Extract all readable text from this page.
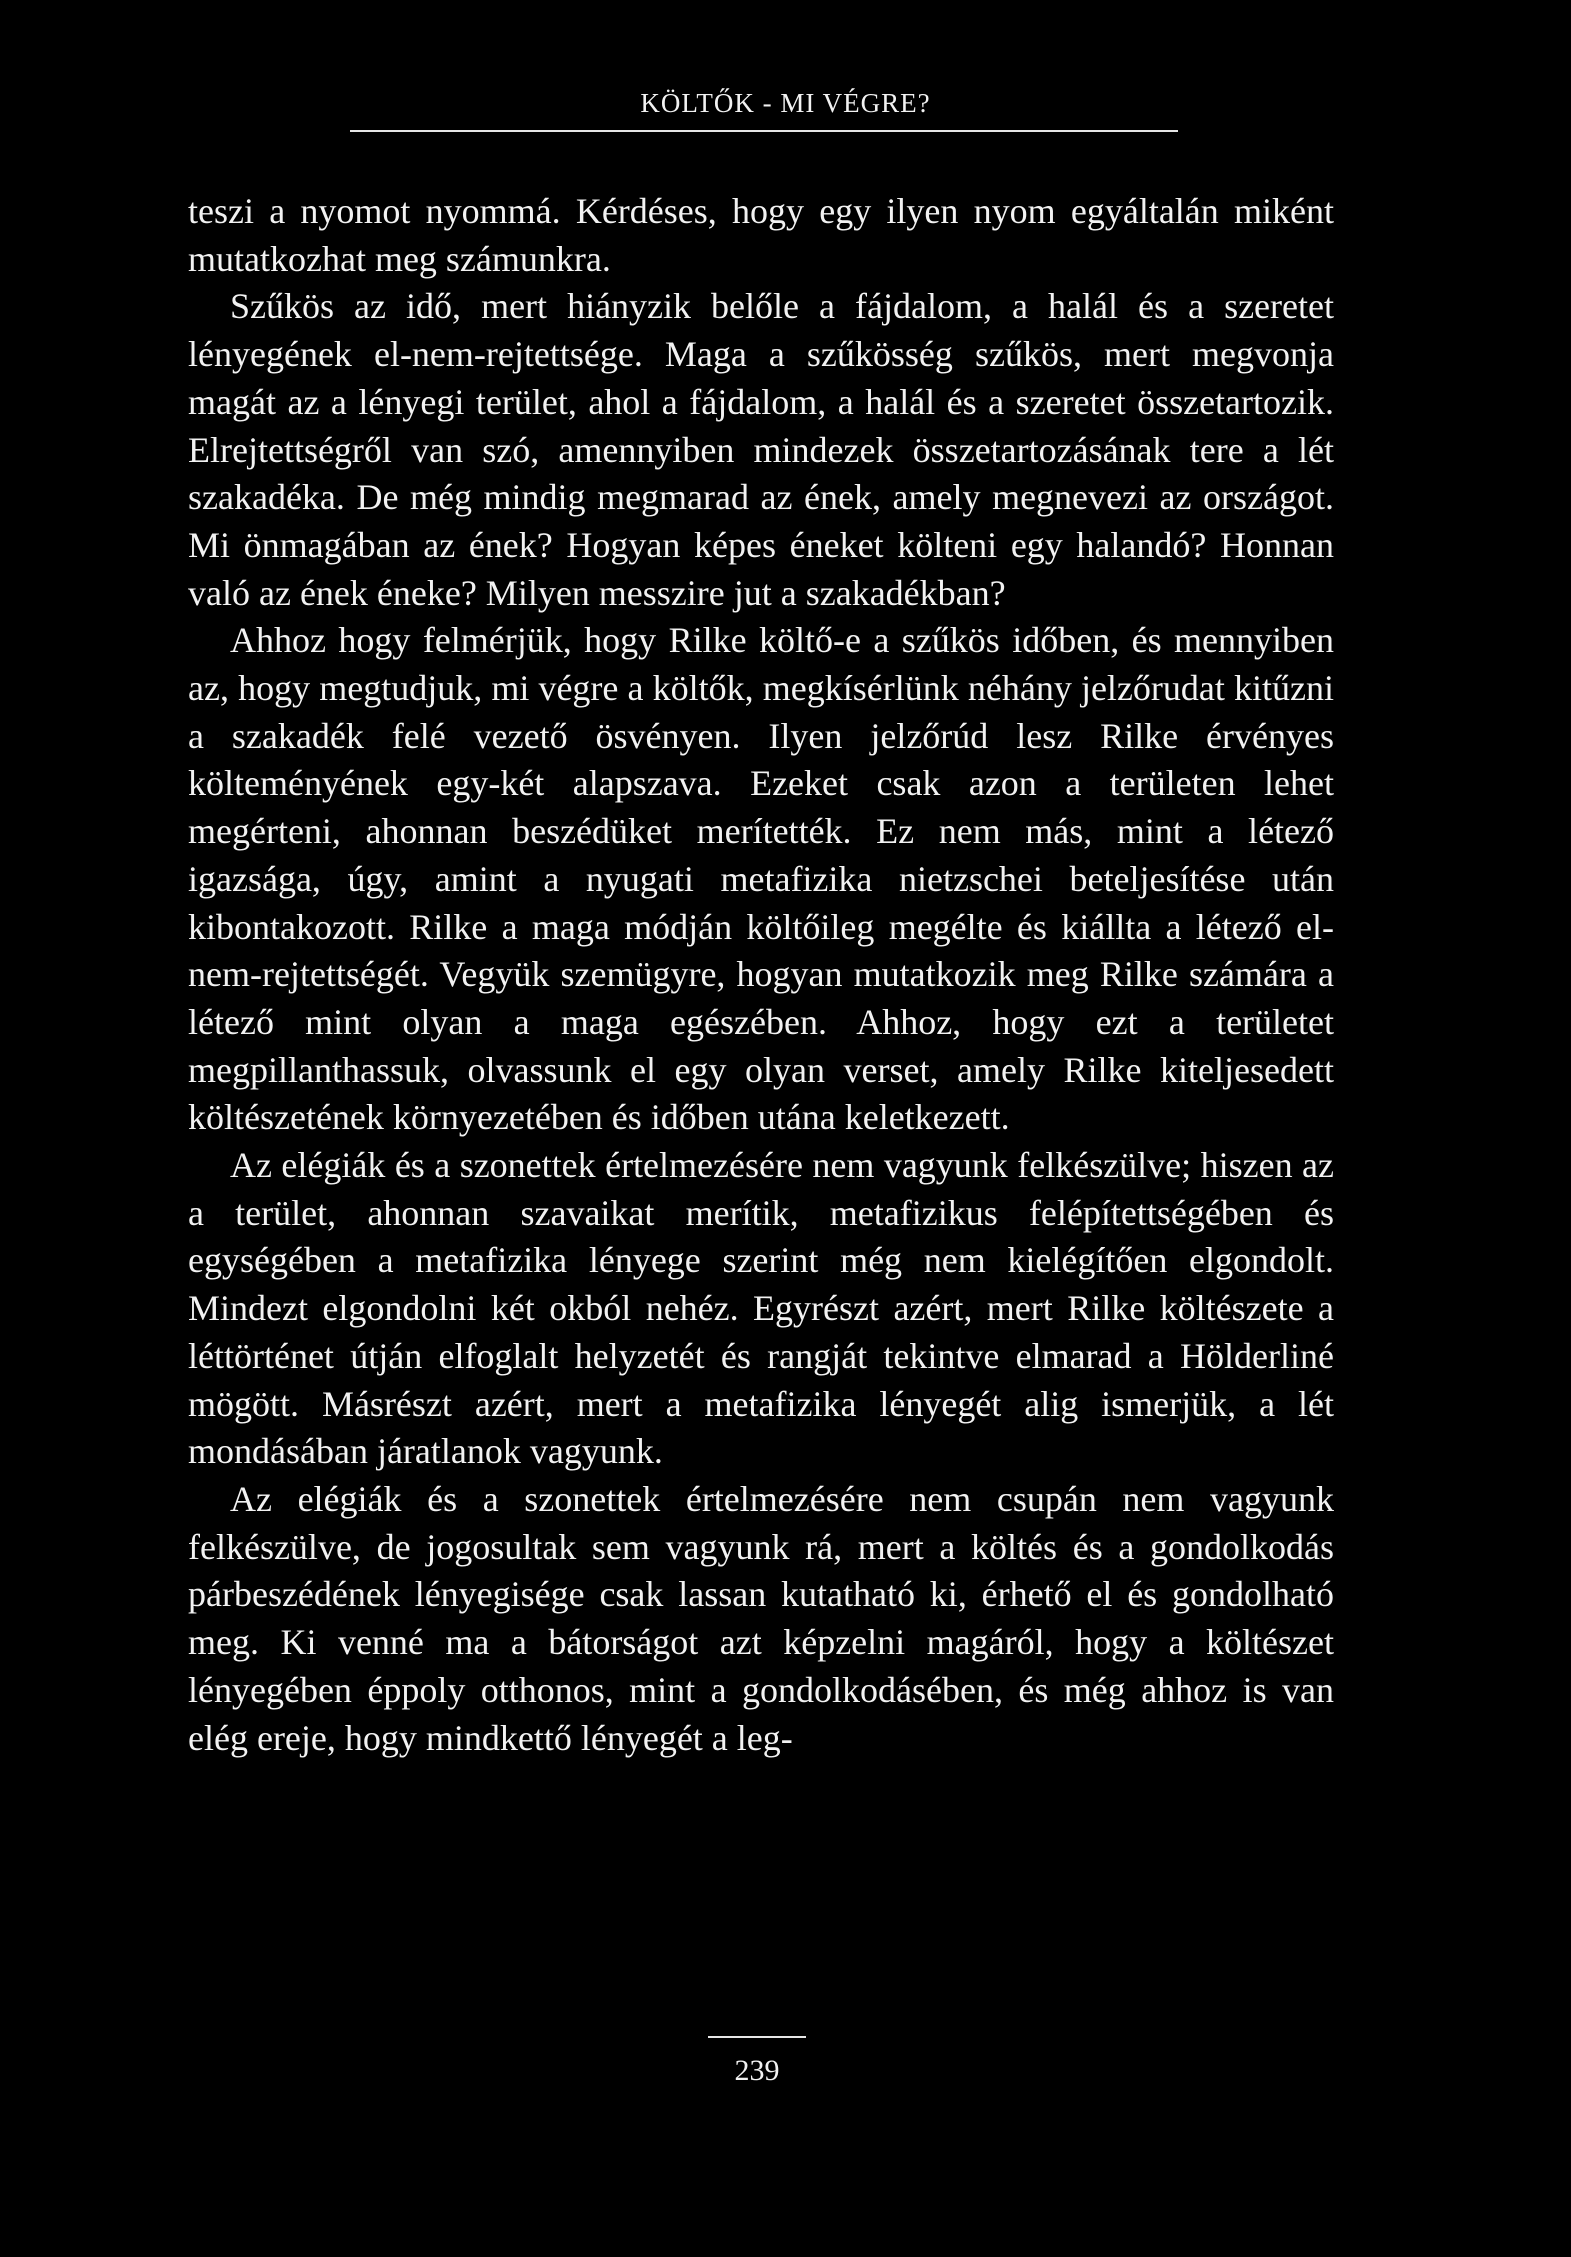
KÖLTŐK - MI VÉGRE?

teszi a nyomot nyommá. Kérdéses, hogy egy ilyen nyom egyáltalán miként mutatkozhat meg számunkra.

Szűkös az idő, mert hiányzik belőle a fájdalom, a halál és a szeretet lényegének el-nem-rejtettsége. Maga a szűkösség szűkös, mert megvonja magát az a lényegi terület, ahol a fájdalom, a halál és a szeretet összetartozik. Elrejtettségről van szó, amennyiben mindezek összetartozásának tere a lét szakadéka. De még mindig megmarad az ének, amely megnevezi az országot. Mi önmagában az ének? Hogyan képes éneket költeni egy halandó? Honnan való az ének éneke? Milyen messzire jut a szakadékban?

Ahhoz hogy felmérjük, hogy Rilke költő-e a szűkös időben, és mennyiben az, hogy megtudjuk, mi végre a költők, megkísérlünk néhány jelzőrudat kitűzni a szakadék felé vezető ösvényen. Ilyen jelzőrúd lesz Rilke érvényes költeményének egy-két alapszava. Ezeket csak azon a területen lehet megérteni, ahonnan beszédüket merítették. Ez nem más, mint a létező igazsága, úgy, amint a nyugati metafizika nietzschei beteljesítése után kibontakozott. Rilke a maga módján költőileg megélte és kiállta a létező el-nem-rejtettségét. Vegyük szemügyre, hogyan mutatkozik meg Rilke számára a létező mint olyan a maga egészében. Ahhoz, hogy ezt a területet megpillanthassuk, olvassunk el egy olyan verset, amely Rilke kiteljesedett költészetének környezetében és időben utána keletkezett.

Az elégiák és a szonettek értelmezésére nem vagyunk felkészülve; hiszen az a terület, ahonnan szavaikat merítik, metafizikus felépítettségében és egységében a metafizika lényege szerint még nem kielégítően elgondolt. Mindezt elgondolni két okból nehéz. Egyrészt azért, mert Rilke költészete a léttörténet útján elfoglalt helyzetét és rangját tekintve elmarad a Hölderliné mögött. Másrészt azért, mert a metafizika lényegét alig ismerjük, a lét mondásában járatlanok vagyunk.

Az elégiák és a szonettek értelmezésére nem csupán nem vagyunk felkészülve, de jogosultak sem vagyunk rá, mert a költés és a gondolkodás párbeszédének lényegisége csak lassan kutatható ki, érhető el és gondolható meg. Ki venné ma a bátorságot azt képzelni magáról, hogy a költészet lényegében éppoly otthonos, mint a gondolkodásében, és még ahhoz is van elég ereje, hogy mindkettő lényegét a leg-

239
